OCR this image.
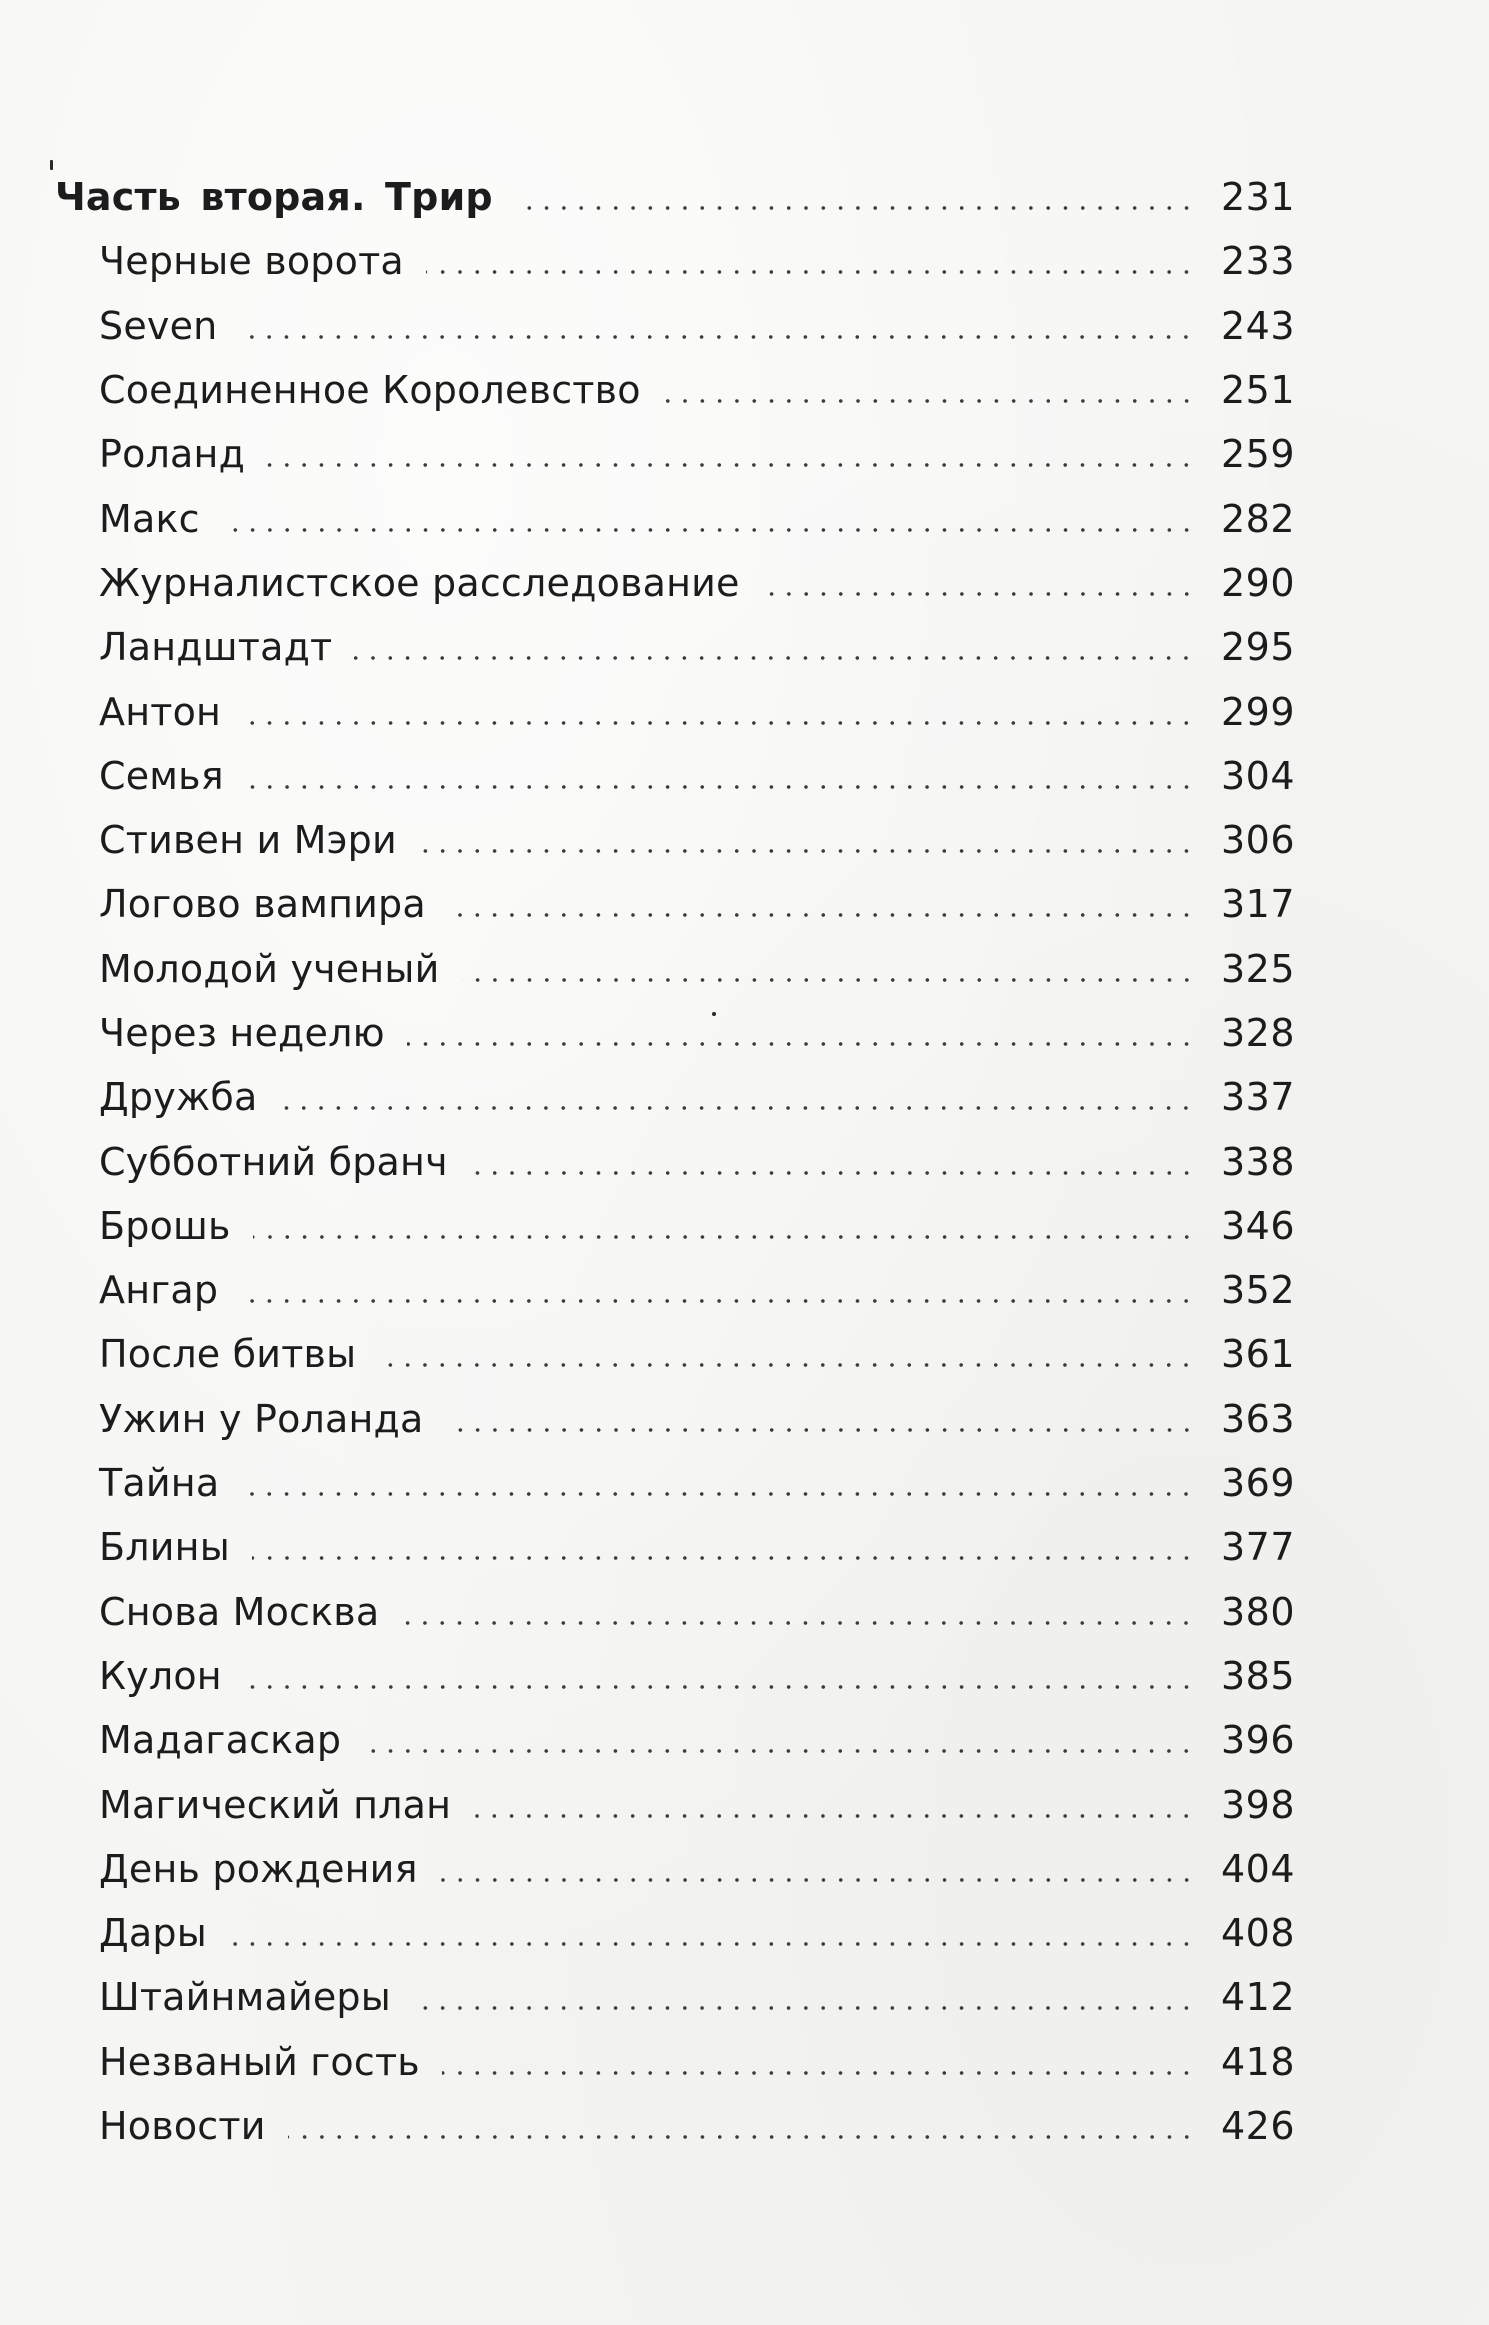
Часть вторая. Трир	231
Черные ворота	233
Seven	243
Соединенное Королевство	251
Роланд	259
Макс	282
Журналистское расследование	290
Ландштадт	295
Антон	299
Семья	304
Стивен и Мэри	306
Логово вампира	317
Молодой ученый	325
Через неделю	328
Дружба	337
Субботний бранч	338
Брошь	346
Ангар	352
После битвы	361
Ужин у Роланда	363
Тайна	369
Блины	377
Снова Москва	380
Кулон	385
Мадагаскар	396
Магический план	398
День рождения	404
Дары	408
Штайнмайеры	412
Незваный гость	418
Новости	426
